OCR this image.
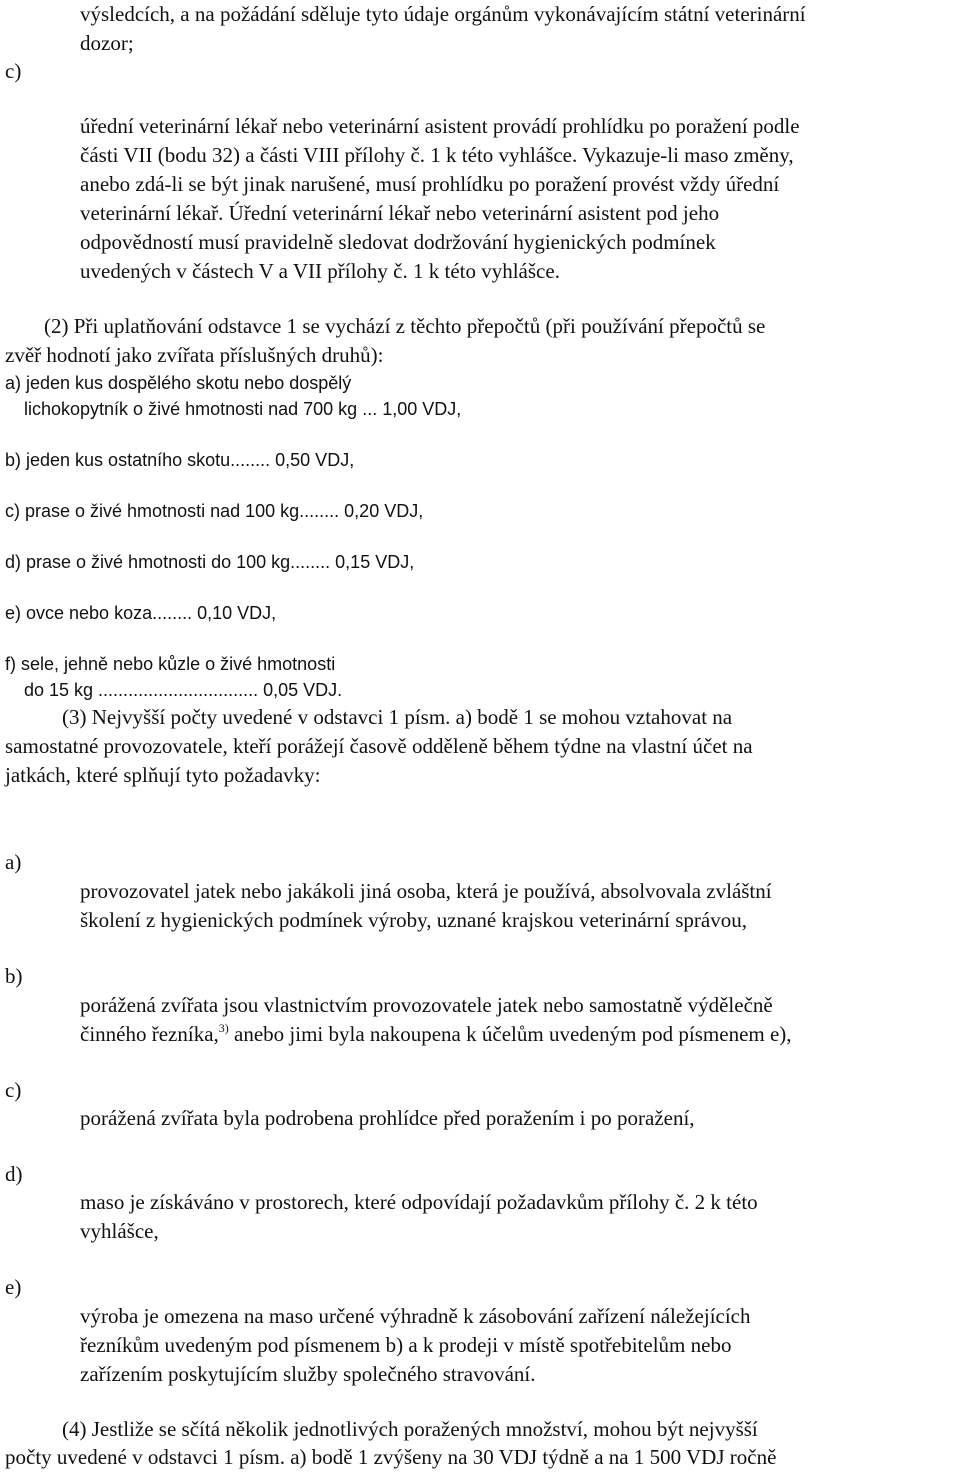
výsledcích, a na požádání sděluje tyto údaje orgánům vykonávajícím státní veterinární
dozor;
c)
úřední veterinární lékař nebo veterinární asistent provádí prohlídku po poražení podle
části VII (bodu 32) a části VIII přílohy č. 1 k této vyhlášce. Vykazuje-li maso změny,
anebo zdá-li se být jinak narušené, musí prohlídku po poražení provést vždy úřední
veterinární lékař. Úřední veterinární lékař nebo veterinární asistent pod jeho
odpovědností musí pravidelně sledovat dodržování hygienických podmínek
uvedených v částech V a VII přílohy č. 1 k této vyhlášce.
(2) Při uplatňování odstavce 1 se vychází z těchto přepočtů (při používání přepočtů se
zvěř hodnotí jako zvířata příslušných druhů):
a) jeden kus dospělého skotu nebo dospělý
lichokopytník o živé hmotnosti nad 700 kg ... 1,00 VDJ,
b) jeden kus ostatního skotu........ 0,50 VDJ,
c) prase o živé hmotnosti nad 100 kg........ 0,20 VDJ,
d) prase o živé hmotnosti do 100 kg........ 0,15 VDJ,
e) ovce nebo koza........ 0,10 VDJ,
f) sele, jehně nebo kůzle o živé hmotnosti
do 15 kg ................................ 0,05 VDJ.
(3) Nejvyšší počty uvedené v odstavci 1 písm. a) bodě 1 se mohou vztahovat na
samostatné provozovatele, kteří porážejí časově odděleně během týdne na vlastní účet na
jatkách, které splňují tyto požadavky:
a)
provozovatel jatek nebo jakákoli jiná osoba, která je používá, absolvovala zvláštní
školení z hygienických podmínek výroby, uznané krajskou veterinární správou,
b)
porážená zvířata jsou vlastnictvím provozovatele jatek nebo samostatně výdělečně
činného řezníka,$^{3)}$ anebo jimi byla nakoupena k účelům uvedeným pod písmenem e),
c)
porážená zvířata byla podrobena prohlídce před poražením i po poražení,
d)
maso je získáváno v prostorech, které odpovídají požadavkům přílohy č. 2 k této
vyhlášce,
e)
výroba je omezena na maso určené výhradně k zásobování zařízení náležejících
řezníkům uvedeným pod písmenem b) a k prodeji v místě spotřebitelům nebo
zařízením poskytujícím služby společného stravování.
(4) Jestliže se sčítá několik jednotlivých poražených množství, mohou být nejvyšší
počty uvedené v odstavci 1 písm. a) bodě 1 zvýšeny na 30 VDJ týdně a na 1 500 VDJ ročně
